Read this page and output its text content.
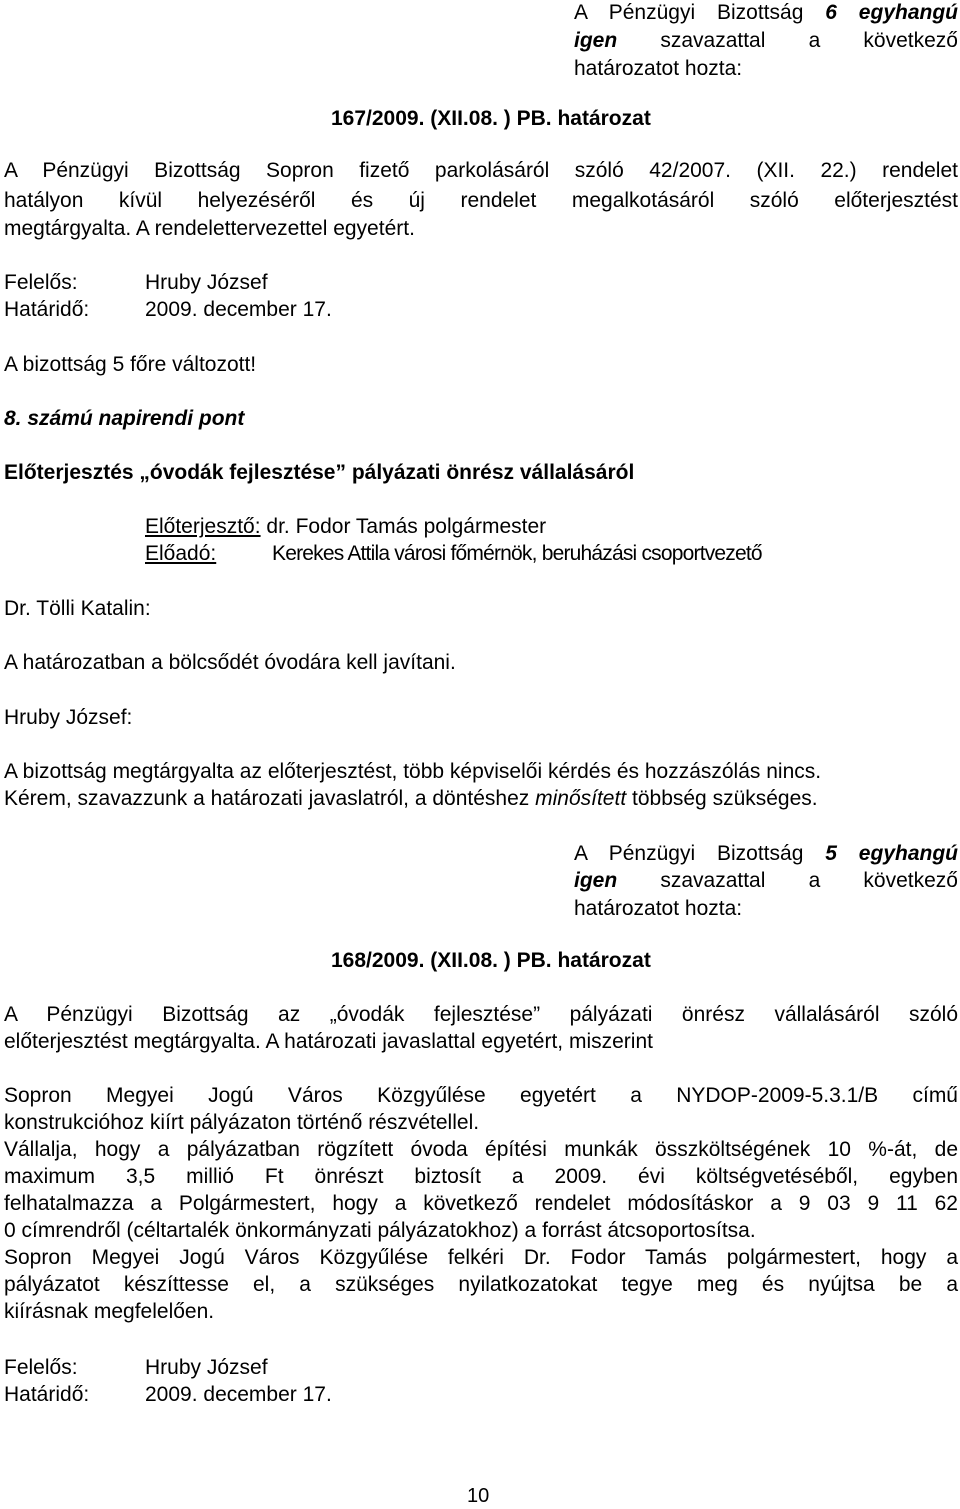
A Pénzügyi Bizottság 6 egyhangú
igen szavazattal a következő
határozatot hozta:
167/2009. (XII.08. ) PB. határozat
A Pénzügyi Bizottság Sopron fizető parkolásáról szóló 42/2007. (XII. 22.) rendelet
hatályon kívül helyezéséről és új rendelet megalkotásáról szóló előterjesztést
megtárgyalta. A rendelettervezettel egyetért.
Felelős:	Hruby József
Határidő:	2009. december 17.
A bizottság 5 főre változott!
8. számú napirendi pont
Előterjesztés „óvodák fejlesztése” pályázati önrész vállalásáról
Előterjesztő: dr. Fodor Tamás polgármester
Előadó:	Kerekes Attila városi főmérnök, beruházási csoportvezető
Dr. Tölli Katalin:
A határozatban a bölcsődét óvodára kell javítani.
Hruby József:
A bizottság megtárgyalta az előterjesztést, több képviselői kérdés és hozzászólás nincs.
Kérem, szavazzunk a határozati javaslatról, a döntéshez minősített többség szükséges.
A Pénzügyi Bizottság 5 egyhangú
igen szavazattal a következő
határozatot hozta:
168/2009. (XII.08. ) PB. határozat
A Pénzügyi Bizottság az „óvodák fejlesztése” pályázati önrész vállalásáról szóló
előterjesztést megtárgyalta. A határozati javaslattal egyetért, miszerint
Sopron Megyei Jogú Város Közgyűlése egyetért a NYDOP-2009-5.3.1/B című
konstrukcióhoz kiírt pályázaton történő részvétellel.
Vállalja, hogy a pályázatban rögzített óvoda építési munkák összköltségének 10 %-át, de
maximum 3,5 millió Ft önrészt biztosít a 2009. évi költségvetéséből, egyben
felhatalmazza a Polgármestert, hogy a következő rendelet módosításkor a 9 03 9 11 62
0 címrendről (céltartalék önkormányzati pályázatokhoz) a forrást átcsoportosítsa.
Sopron Megyei Jogú Város Közgyűlése felkéri Dr. Fodor Tamás polgármestert, hogy a
pályázatot készíttesse el, a szükséges nyilatkozatokat tegye meg és nyújtsa be a
kiírásnak megfelelően.
Felelős:	Hruby József
Határidő:	2009. december 17.
10
